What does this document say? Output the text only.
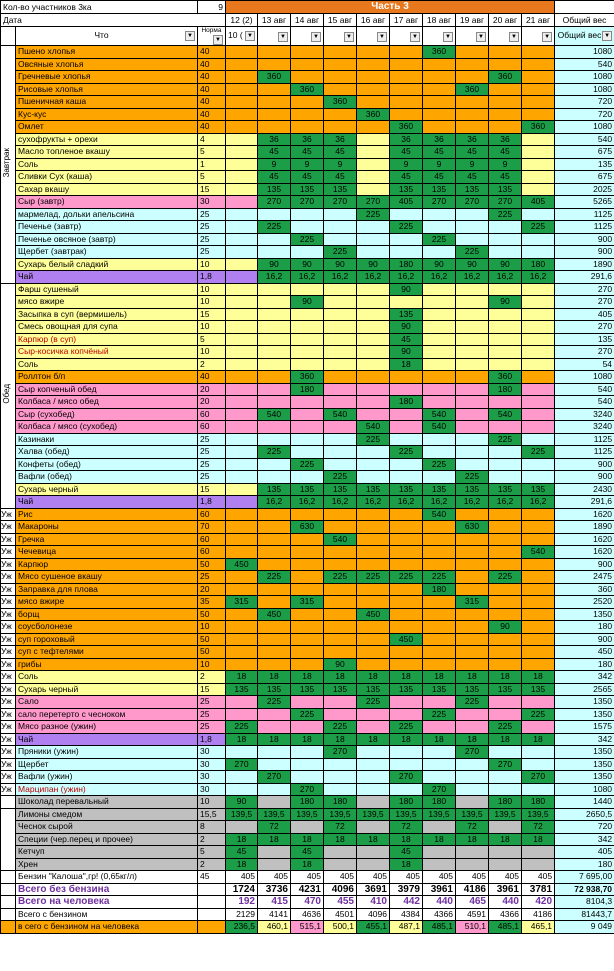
Кол-во участников 3ка		9	Часть 3										
Дата			12 (2)	13 авг	14 авг	15 авг	16 авг	17 авг	18 авг	19 авг	20 авг	21 авг	Общий вес
	Что ▼	Норма
▼	10 ( ▼	▼	▼	▼	▼	▼	▼	▼	▼	▼	Общий вес ▼

Завтрак	Пшено хлопья	40							360				1080
	Овсяные хлопья	40											540
	Гречневые хлопья	40		360							360		1080
	Рисовые хлопья	40			360					360			1080
	Пшеничная каша	40				360							720
	Кус-кус	40					360						720
	Омлет	40						360				360	1080
	сухофрукты + орехи	4		36	36	36		36	36	36	36		540
	Масло топленое вкашу	5		45	45	45		45	45	45	45		675
	Соль	1		9	9	9		9	9	9	9		135
	Сливки Сух (каша)	5		45	45	45		45	45	45	45		675
	Сахар вкашу	15		135	135	135		135	135	135	135		2025
	Сыр (завтр)	30		270	270	270	270	405	270	270	270	405	5265
	мармелад, дольки апельсина	25					225				225		1125
	Печенье (завтр)	25		225				225				225	1125
	Печенье овсяное (завтр)	25			225				225				900
	Щербет (завтрак)	25				225				225			900
	Сухарь белый сладкий	10		90	90	90	90	180	90	90	90	180	1890
	Чай	1,8		16,2	16,2	16,2	16,2	16,2	16,2	16,2	16,2	16,2	291,6
Обед	Фарш сушеный	10						90					270
	мясо вжире	10			90						90		270
	Засыпка в суп (вермишель)	15						135					405
	Смесь овощная для супа	10						90					270
	Карпюр (в суп)	5						45					135
	Сыр-косичка копчёный	10						90					270
	Соль	2						18					54
	Роллтон б/п	40			360						360		1080
	Сыр копченый обед	20			180						180		540
	Колбаса / мясо обед	20						180					540
	Сыр (сухобед)	60		540		540			540		540		3240
	Колбаса / мясо (сухобед)	60					540		540				3240
	Казинаки	25					225				225		1125
	Халва (обед)	25		225				225				225	1125
	Конфеты (обед)	25			225				225				900
	Вафли (обед)	25				225				225			900
	Сухарь черный	15		135	135	135	135	135	135	135	135	135	2430
	Чай	1,8		16,2	16,2	16,2	16,2	16,2	16,2	16,2	16,2	16,2	291,6
Уж	Рис	60							540				1620
Уж	Макароны	70			630					630			1890
Уж	Гречка	60				540							1620
Уж	Чечевица	60										540	1620
Уж	Карпюр	50	450										900
Уж	Мясо сушеное вкашу	25		225		225	225	225	225		225		2475
Уж	Заправка для плова	20							180				360
Уж	мясо вжире	35	315		315					315			2520
Уж	борщ	50		450			450						1350
Уж	соусболонезе	10									90		180
Уж	суп гороховый	50						450					900
Уж	суп с тефтелями	50											450
Уж	грибы	10				90							180
Уж	Соль	2	18	18	18	18	18	18	18	18	18	18	342
Уж	Сухарь черный	15	135	135	135	135	135	135	135	135	135	135	2565
Уж	Сало	25		225			225			225			1350
Уж	сало перетерто с чесноком	25			225				225			225	1350
Уж	Мясо разное (ужин)	25	225			225		225			225		1575
Уж	Чай	1,8	18	18	18	18	18	18	18	18	18	18	342
Уж	Пряники (ужин)	30				270				270			1350
Уж	Щербет	30	270								270		1350
Уж	Вафли (ужин)	30		270				270				270	1350
Уж	Марципан (ужин)	30			270				270				1080
	Шоколад перевальный	10	90		180	180		180	180		180	180	1440
	Лимоны смедом	15,5	139,5	139,5	139,5	139,5	139,5	139,5	139,5	139,5	139,5	139,5	2650,5
	Чеснок сырой	8		72		72		72		72		72	720
	Специи (чер.перец и прочее)	2	18	18	18	18	18	18	18	18	18	18	342
	Кетчуп	5	45		45			45					405
	Хрен	2	18		18			18					180
	Бензин "Калоша",гр! (0,65кг/л)	45	405	405	405	405	405	405	405	405	405	405	7 695,00
	Всего без бензина		1724	3736	4231	4096	3691	3979	3961	4186	3961	3781	72 938,70
	Всего на человека		192	415	470	455	410	442	440	465	440	420	8104,3
	Всего с бензином		2129	4141	4636	4501	4096	4384	4366	4591	4366	4186	81443,7
	в сего с бензином на человека		236,5	460,1	515,1	500,1	455,1	487,1	485,1	510,1	485,1	465,1	9 049
